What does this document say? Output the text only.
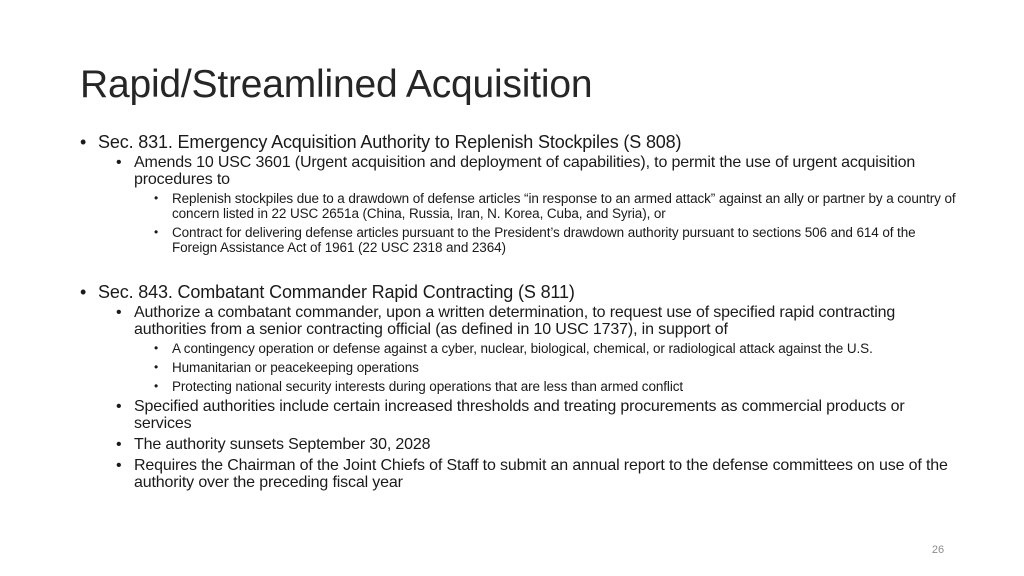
Rapid/Streamlined Acquisition
• Sec. 831. Emergency Acquisition Authority to Replenish Stockpiles (S 808)
• Amends 10 USC 3601 (Urgent acquisition and deployment of capabilities), to permit the use of urgent acquisition procedures to
• Replenish stockpiles due to a drawdown of defense articles “in response to an armed attack” against an ally or partner by a country of concern listed in 22 USC 2651a (China, Russia, Iran, N. Korea, Cuba, and Syria), or
• Contract for delivering defense articles pursuant to the President’s drawdown authority pursuant to sections 506 and 614 of the Foreign Assistance Act of 1961 (22 USC 2318 and 2364)
• Sec. 843. Combatant Commander Rapid Contracting (S 811)
• Authorize a combatant commander, upon a written determination, to request use of specified rapid contracting authorities from a senior contracting official (as defined in 10 USC 1737), in support of
• A contingency operation or defense against a cyber, nuclear, biological, chemical, or radiological attack against the U.S.
• Humanitarian or peacekeeping operations
• Protecting national security interests during operations that are less than armed conflict
• Specified authorities include certain increased thresholds and treating procurements as commercial products or services
• The authority sunsets September 30, 2028
• Requires the Chairman of the Joint Chiefs of Staff to submit an annual report to the defense committees on use of the authority over the preceding fiscal year
26
